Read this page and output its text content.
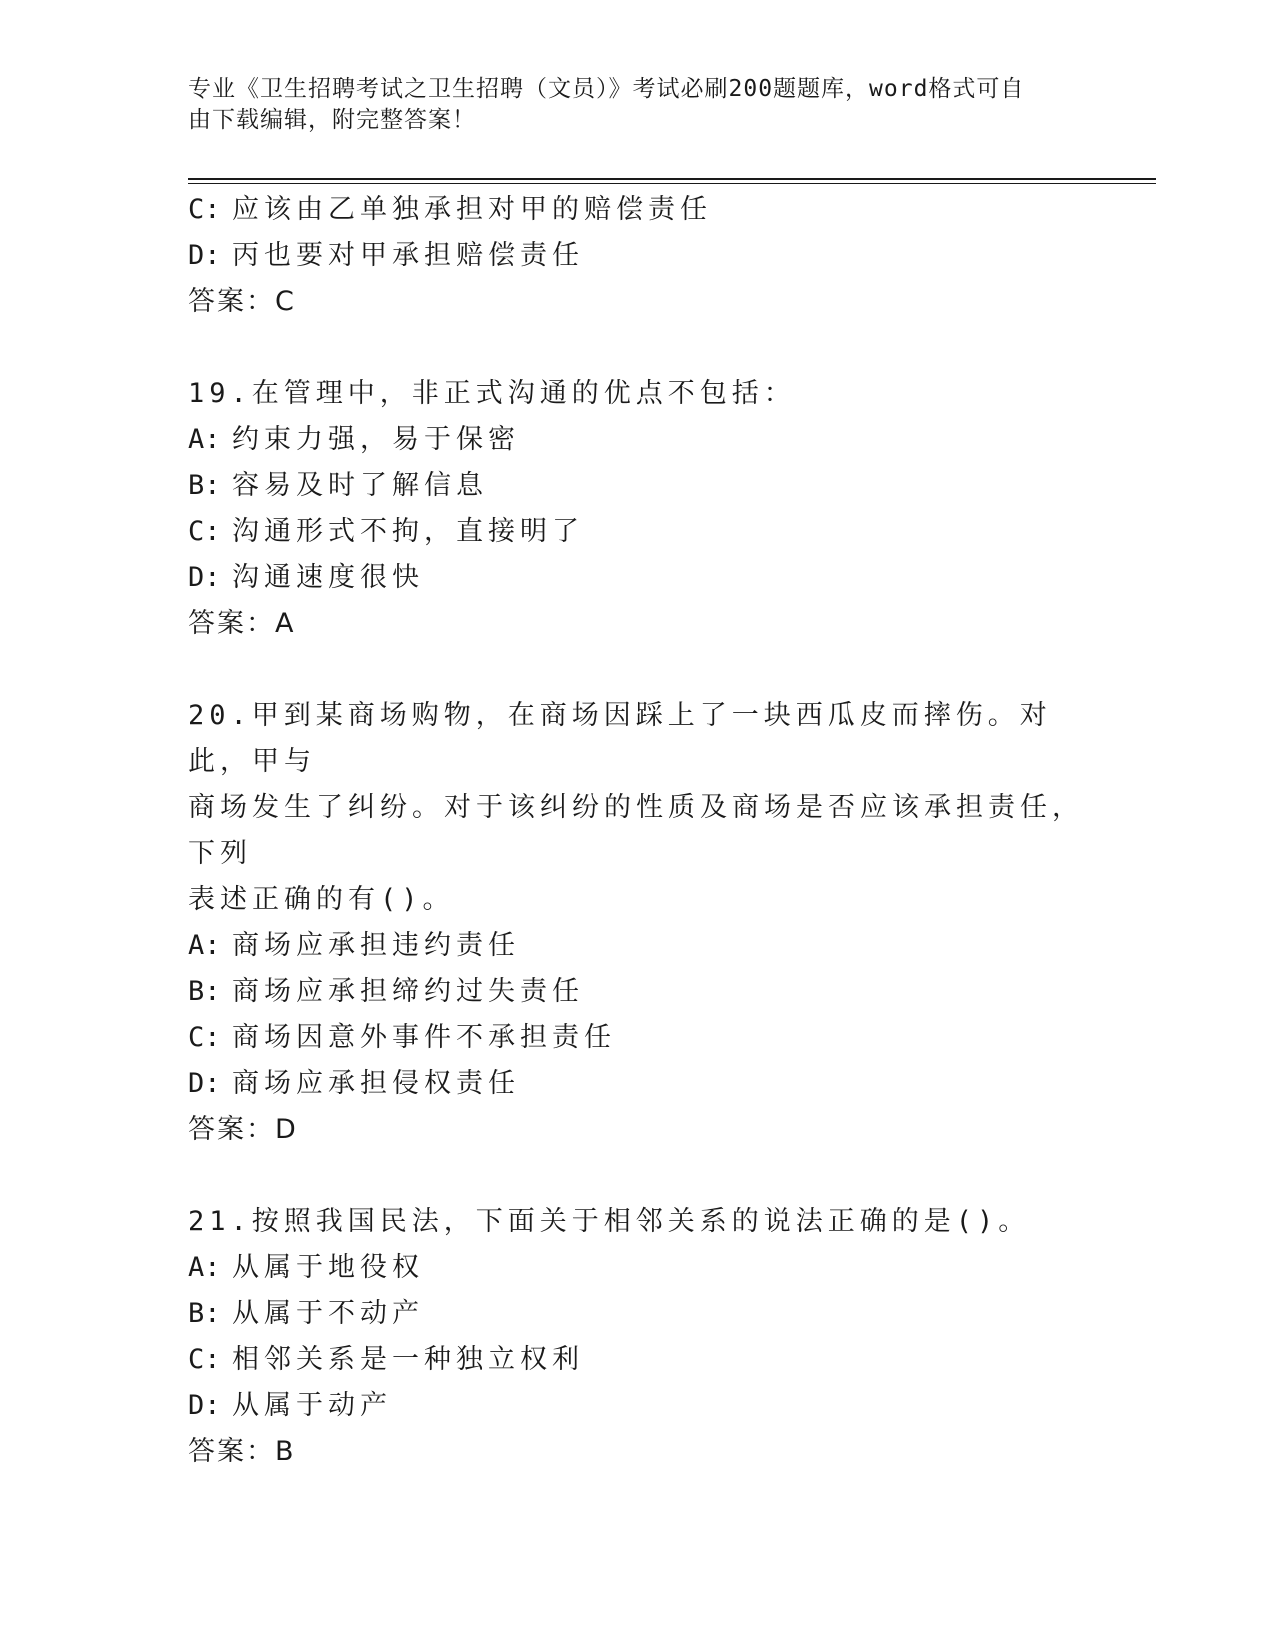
专业《卫生招聘考试之卫生招聘（文员）》考试必刷200题题库，word格式可自
由下载编辑，附完整答案！
C: 应该由乙单独承担对甲的赔偿责任
D: 丙也要对甲承担赔偿责任
答案：C
19.在管理中，非正式沟通的优点不包括：
A: 约束力强，易于保密
B: 容易及时了解信息
C: 沟通形式不拘，直接明了
D: 沟通速度很快
答案：A
20.甲到某商场购物，在商场因踩上了一块西瓜皮而摔伤。对此，甲与
商场发生了纠纷。对于该纠纷的性质及商场是否应该承担责任，下列
表述正确的有()。
A: 商场应承担违约责任
B: 商场应承担缔约过失责任
C: 商场因意外事件不承担责任
D: 商场应承担侵权责任
答案：D
21.按照我国民法，下面关于相邻关系的说法正确的是()。
A: 从属于地役权
B: 从属于不动产
C: 相邻关系是一种独立权利
D: 从属于动产
答案：B
